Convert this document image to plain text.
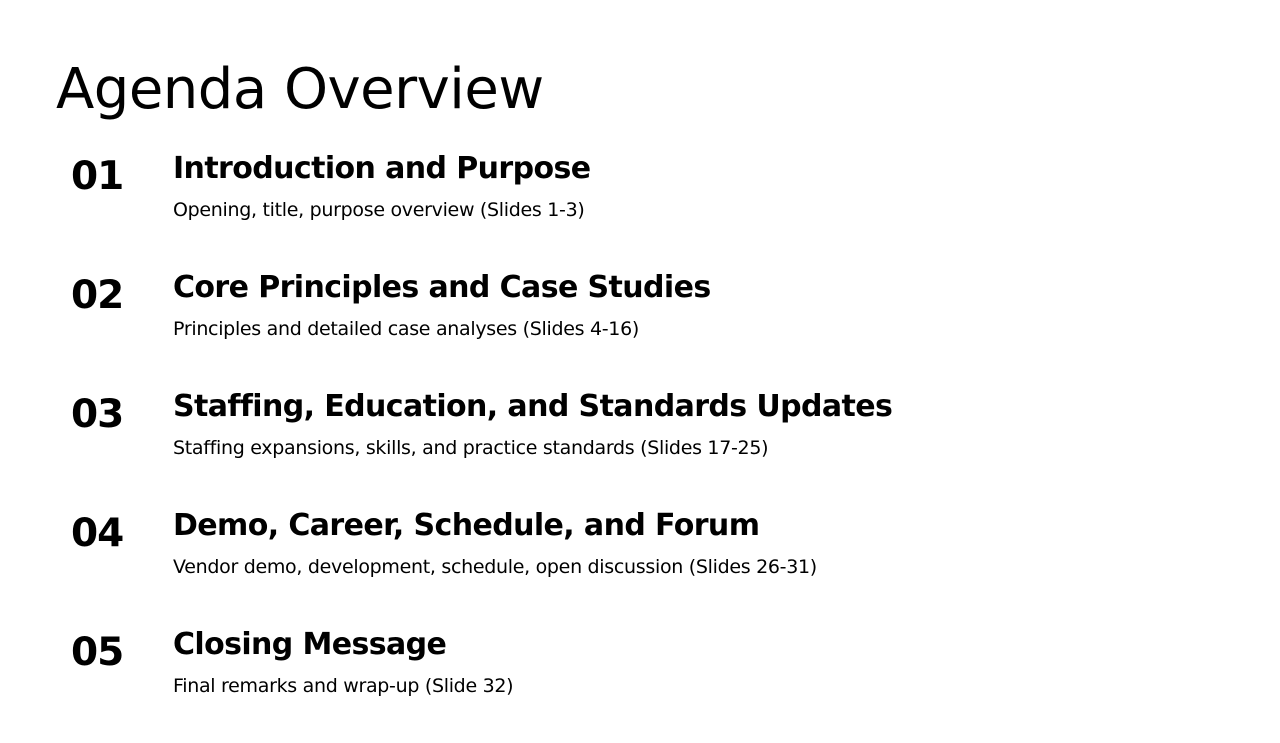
Agenda Overview
01 Introduction and Purpose
Opening, title, purpose overview (Slides 1-3)
02 Core Principles and Case Studies
Principles and detailed case analyses (Slides 4-16)
03 Staffing, Education, and Standards Updates
Staffing expansions, skills, and practice standards (Slides 17-25)
04 Demo, Career, Schedule, and Forum
Vendor demo, development, schedule, open discussion (Slides 26-31)
05 Closing Message
Final remarks and wrap-up (Slide 32)
